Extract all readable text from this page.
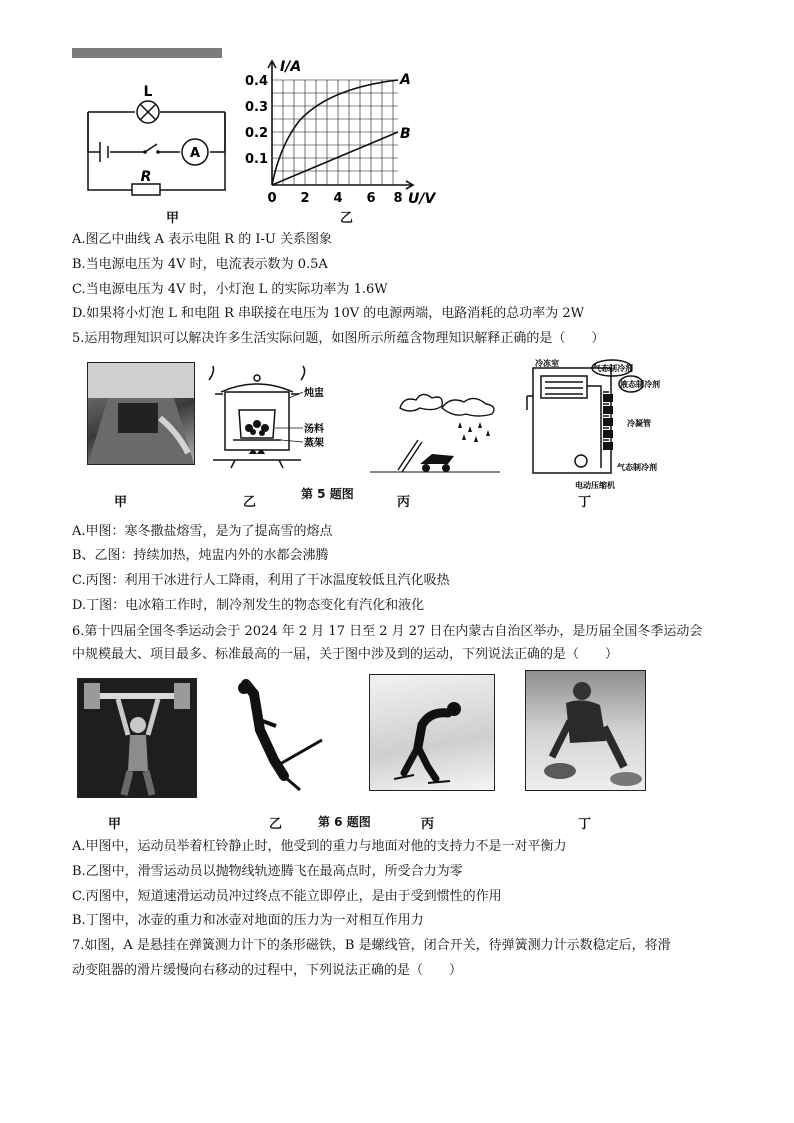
L
A
R
I/A
U/V
A
B
0.4
0.3
0.2
0.1
0 2 4 6 8
甲	乙
A.图乙中曲线 A 表示电阻 R 的 I-U 关系图象
B.当电源电压为 4V 时，电流表示数为 0.5A
C.当电源电压为 4V 时，小灯泡 L 的实际功率为 1.6W
D.如果将小灯泡 L 和电阻 R 串联接在电压为 10V 的电源两端，电路消耗的总功率为 2W
5.运用物理知识可以解决许多生活实际问题，如图所示所蕴含物理知识解释正确的是（　　）
炖盅
汤料
蒸架
冷冻室
气态制冷剂
液态制冷剂
冷凝管
气态制冷剂
电动压缩机
甲	乙
第 5 题图
丙	丁
A.甲图：寒冬撒盐熔雪，是为了提高雪的熔点
B、乙图：持续加热，炖盅内外的水都会沸腾
C.丙图：利用干冰进行人工降雨，利用了干冰温度较低且汽化吸热
D.丁图：电冰箱工作时，制冷剂发生的物态变化有汽化和液化
6.第十四届全国冬季运动会于 2024 年 2 月 17 日至 2 月 27 日在内蒙古自治区举办，是历届全国冬季运动会
中规模最大、项目最多、标准最高的一届，关于图中涉及到的运动，下列说法正确的是（　　）
甲	乙	第 6 题图	丙	丁
A.甲图中，运动员举着杠铃静止时，他受到的重力与地面对他的支持力不是一对平衡力
B.乙图中，滑雪运动员以抛物线轨迹腾飞在最高点时，所受合力为零
C.丙图中，短道速滑运动员冲过终点不能立即停止，是由于受到惯性的作用
B.丁图中，冰壶的重力和冰壶对地面的压力为一对相互作用力
7.如图，A 是悬挂在弹簧测力计下的条形磁铁，B 是螺线管，闭合开关，待弹簧测力计示数稳定后，将滑
动变阻器的滑片缓慢向右移动的过程中，下列说法正确的是（　　）
